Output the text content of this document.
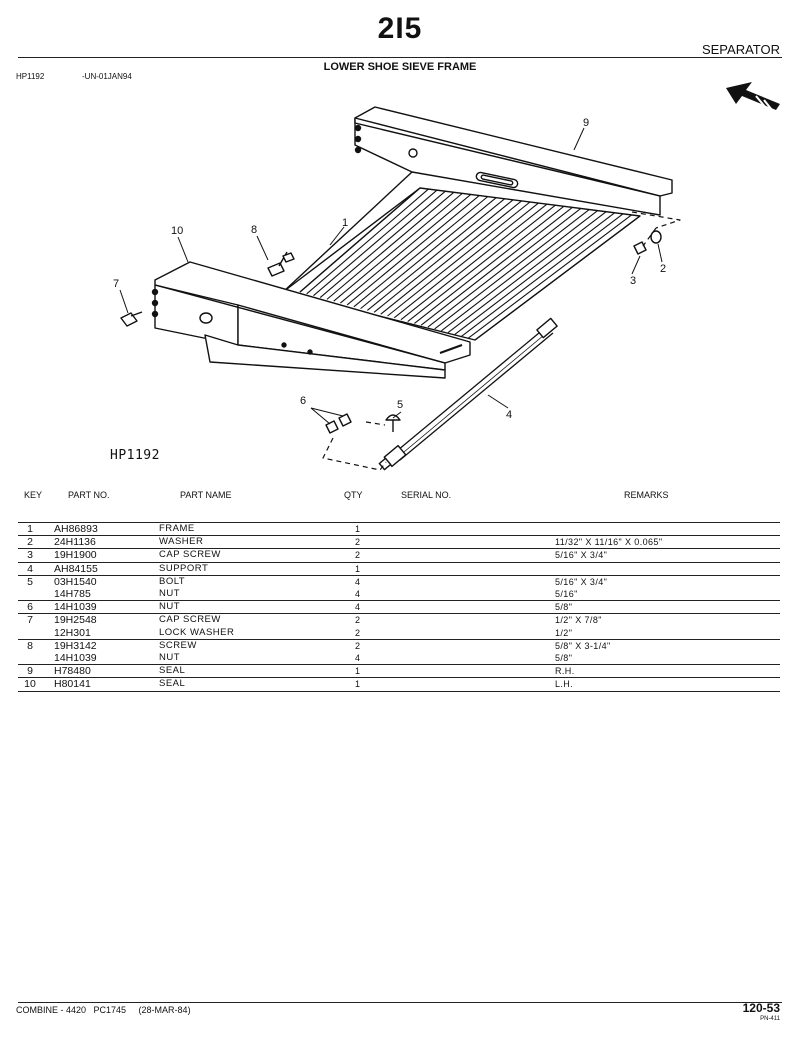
2I5
SEPARATOR
LOWER SHOE SIEVE FRAME
HP1192	-UN-01JAN94
1
2
3
4
5
6
7
8
9
10
HP1192
KEY	PART NO.	PART NAME	QTY	SERIAL NO.	REMARKS
1	AH86893	FRAME	1		
2	24H1136	WASHER	2		11/32" X 11/16" X 0.065"
3	19H1900	CAP SCREW	2		5/16" X 3/4"
4	AH84155	SUPPORT	1		
5	03H1540	BOLT	4		5/16" X 3/4"
	14H785	NUT	4		5/16"
6	14H1039	NUT	4		5/8"
7	19H2548	CAP SCREW	2		1/2" X 7/8"
	12H301	LOCK WASHER	2		1/2"
8	19H3142	SCREW	2		5/8" X 3-1/4"
	14H1039	NUT	4		5/8"
9	H78480	SEAL	1		R.H.
10	H80141	SEAL	1		L.H.
COMBINE - 4420   PC1745     (28-MAR-84)	120-53
PN-411
